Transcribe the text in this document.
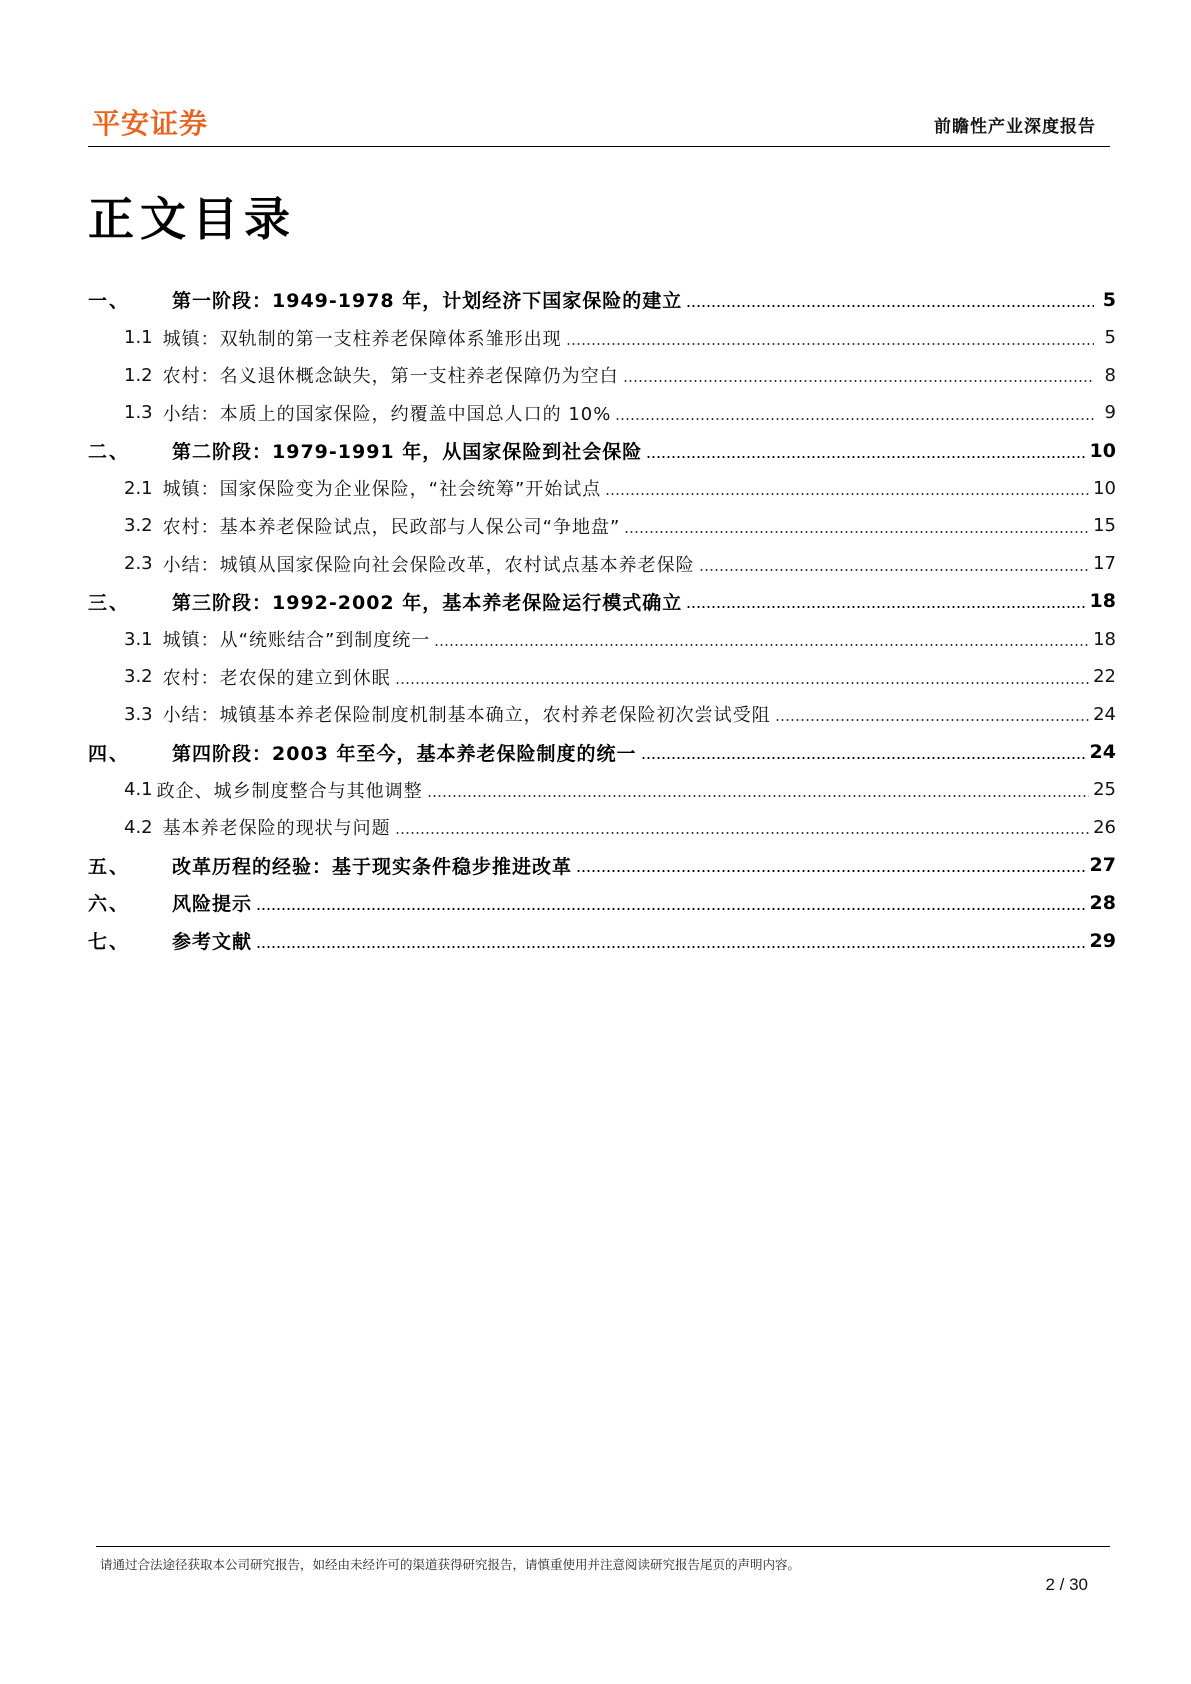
平安证券	前瞻性产业深度报告
正文目录
一、	第一阶段：1949-1978 年，计划经济下国家保险的建立	5
1.1 城镇：双轨制的第一支柱养老保障体系雏形出现	5
1.2 农村：名义退休概念缺失，第一支柱养老保障仍为空白	8
1.3 小结：本质上的国家保险，约覆盖中国总人口的 10%	9
二、	第二阶段：1979-1991 年，从国家保险到社会保险	10
2.1 城镇：国家保险变为企业保险，“社会统筹”开始试点	10
3.2 农村：基本养老保险试点，民政部与人保公司“争地盘”	15
2.3 小结：城镇从国家保险向社会保险改革，农村试点基本养老保险	17
三、	第三阶段：1992-2002 年，基本养老保险运行模式确立	18
3.1 城镇：从“统账结合”到制度统一	18
3.2 农村：老农保的建立到休眠	22
3.3 小结：城镇基本养老保险制度机制基本确立，农村养老保险初次尝试受阻	24
四、	第四阶段：2003 年至今，基本养老保险制度的统一	24
4.1 政企、城乡制度整合与其他调整	25
4.2 基本养老保险的现状与问题	26
五、	改革历程的经验：基于现实条件稳步推进改革	27
六、	风险提示	28
七、	参考文献	29
请通过合法途径获取本公司研究报告，如经由未经许可的渠道获得研究报告，请慎重使用并注意阅读研究报告尾页的声明内容。
2 / 30
